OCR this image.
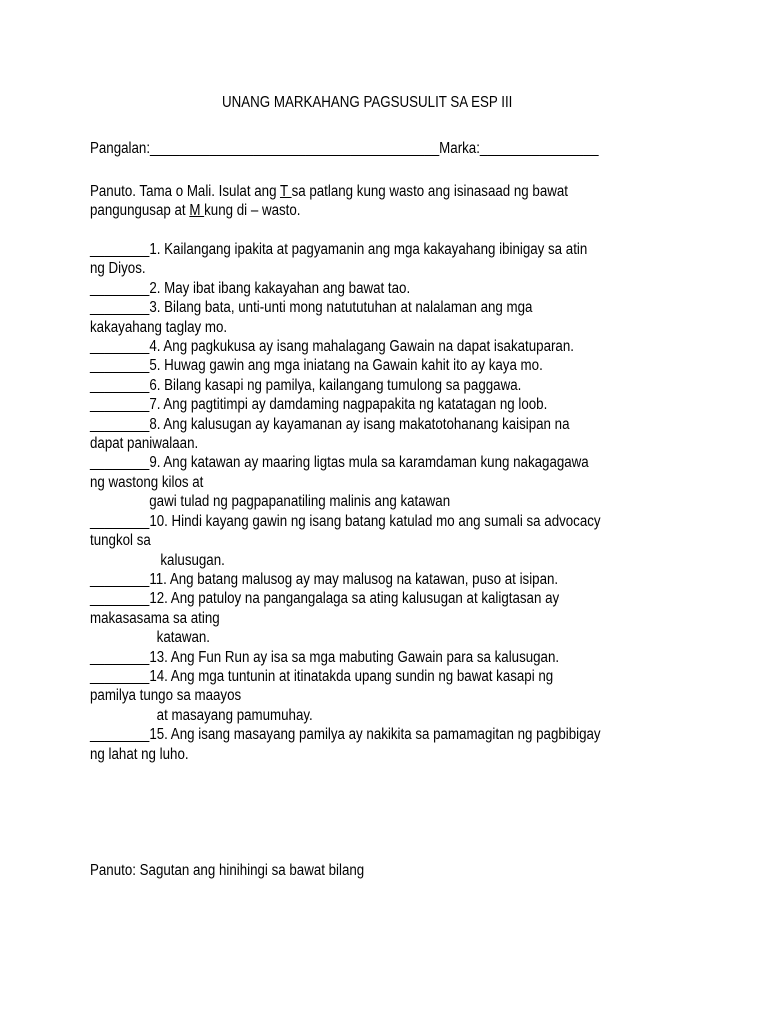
UNANG MARKAHANG PAGSUSULIT SA ESP III
Pangalan:_______________________________________Marka:________________
Panuto. Tama o Mali. Isulat ang T sa patlang kung wasto ang isinasaad ng bawat
pangungusap at M kung di – wasto.
________1. Kailangang ipakita at pagyamanin ang mga kakayahang ibinigay sa atin
ng Diyos.
________2. May ibat ibang kakayahan ang bawat tao.
________3. Bilang bata, unti-unti mong natututuhan at nalalaman ang mga
kakayahang taglay mo.
________4. Ang pagkukusa ay isang mahalagang Gawain na dapat isakatuparan.
________5. Huwag gawin ang mga iniatang na Gawain kahit ito ay kaya mo.
________6. Bilang kasapi ng pamilya, kailangang tumulong sa paggawa.
________7. Ang pagtitimpi ay damdaming nagpapakita ng katatagan ng loob.
________8. Ang kalusugan ay kayamanan ay isang makatotohanang kaisipan na
dapat paniwalaan.
________9. Ang katawan ay maaring ligtas mula sa karamdaman kung nakagagawa
ng wastong kilos at
gawi tulad ng pagpapanatiling malinis ang katawan
________10. Hindi kayang gawin ng isang batang katulad mo ang sumali sa advocacy
tungkol sa
kalusugan.
________11. Ang batang malusog ay may malusog na katawan, puso at isipan.
________12. Ang patuloy na pangangalaga sa ating kalusugan at kaligtasan ay
makasasama sa ating
katawan.
________13. Ang Fun Run ay isa sa mga mabuting Gawain para sa kalusugan.
________14. Ang mga tuntunin at itinatakda upang sundin ng bawat kasapi ng
pamilya tungo sa maayos
at masayang pamumuhay.
________15. Ang isang masayang pamilya ay nakikita sa pamamagitan ng pagbibigay
ng lahat ng luho.
Panuto: Sagutan ang hinihingi sa bawat bilang
